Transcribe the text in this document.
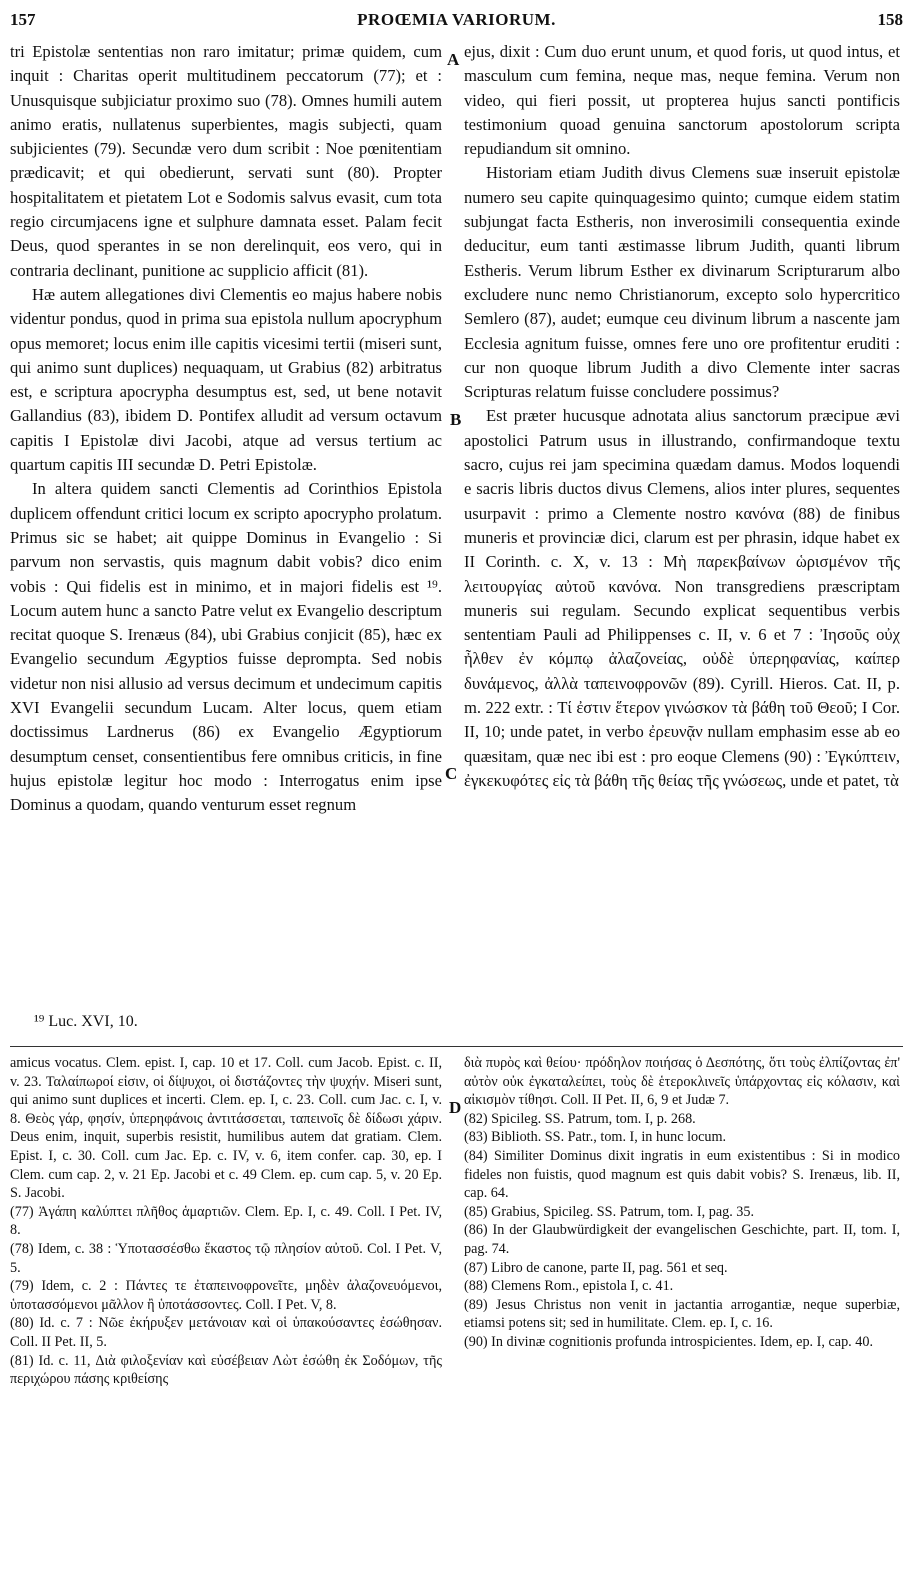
157	PROŒMIA VARIORUM.	158

tri Epistolæ sententias non raro imitatur; primæ quidem, cum inquit : Charitas operit multitudinem peccatorum (77); et : Unusquisque subjiciatur proximo suo (78). Omnes humili autem animo eratis, nullatenus superbientes, magis subjecti, quam subjicientes (79). Secundæ vero dum scribit : Noe pœnitentiam prædicavit; et qui obedierunt, servati sunt (80). Propter hospitalitatem et pietatem Lot e Sodomis salvus evasit, cum tota regio circumjacens igne et sulphure damnata esset. Palam fecit Deus, quod sperantes in se non derelinquit, eos vero, qui in contraria declinant, punitione ac supplicio afficit (81).

Hæ autem allegationes divi Clementis eo majus habere nobis videntur pondus, quod in prima sua epistola nullum apocryphum opus memoret; locus enim ille capitis vicesimi tertii (miseri sunt, qui animo sunt duplices) nequaquam, ut Grabius (82) arbitratus est, e scriptura apocrypha desumptus est, sed, ut bene notavit Gallandius (83), ibidem D. Pontifex alludit ad versum octavum capitis I Epistolæ divi Jacobi, atque ad versus tertium ac quartum capitis III secundæ D. Petri Epistolæ.

In altera quidem sancti Clementis ad Corinthios Epistola duplicem offendunt critici locum ex scripto apocrypho prolatum. Primus sic se habet; ait quippe Dominus in Evangelio : Si parvum non servastis, quis magnum dabit vobis? dico enim vobis : Qui fidelis est in minimo, et in majori fidelis est ¹⁹. Locum autem hunc a sancto Patre velut ex Evangelio descriptum recitat quoque S. Irenæus (84), ubi Grabius conjicit (85), hæc ex Evangelio secundum Ægyptios fuisse deprompta. Sed nobis videtur non nisi allusio ad versus decimum et undecimum capitis XVI Evangelii secundum Lucam. Alter locus, quem etiam doctissimus Lardnerus (86) ex Evangelio Ægyptiorum desumptum censet, consentientibus fere omnibus criticis, in fine hujus epistolæ legitur hoc modo : Interrogatus enim ipse Dominus a quodam, quando venturum esset regnum

A
B
C
D

ejus, dixit : Cum duo erunt unum, et quod foris, ut quod intus, et masculum cum femina, neque mas, neque femina. Verum non video, qui fieri possit, ut propterea hujus sancti pontificis testimonium quoad genuina sanctorum apostolorum scripta repudiandum sit omnino.

Historiam etiam Judith divus Clemens suæ inseruit epistolæ numero seu capite quinquagesimo quinto; cumque eidem statim subjungat facta Estheris, non inverosimili consequentia exinde deducitur, eum tanti æstimasse librum Judith, quanti librum Estheris. Verum librum Esther ex divinarum Scripturarum albo excludere nunc nemo Christianorum, excepto solo hypercritico Semlero (87), audet; eumque ceu divinum librum a nascente jam Ecclesia agnitum fuisse, omnes fere uno ore profitentur eruditi : cur non quoque librum Judith a divo Clemente inter sacras Scripturas relatum fuisse concludere possimus?

Est præter hucusque adnotata alius sanctorum præcipue ævi apostolici Patrum usus in illustrando, confirmandoque textu sacro, cujus rei jam specimina quædam damus. Modos loquendi e sacris libris ductos divus Clemens, alios inter plures, sequentes usurpavit : primo a Clemente nostro κανόνα (88) de finibus muneris et provinciæ dici, clarum est per phrasin, idque habet ex II Corinth. c. X, v. 13 : Μὴ παρεκβαίνων ὡρισμένον τῆς λειτουργίας αὐτοῦ κανόνα. Non transgrediens præscriptam muneris sui regulam. Secundo explicat sequentibus verbis sententiam Pauli ad Philippenses c. II, v. 6 et 7 : Ἰησοῦς οὐχ ἦλθεν ἐν κόμπῳ ἀλαζονείας, οὐδὲ ὑπερηφανίας, καίπερ δυνάμενος, ἀλλὰ ταπεινοφρονῶν (89). Cyrill. Hieros. Cat. II, p. m. 222 extr. : Τί ἐστιν ἕτερον γινώσκον τὰ βάθη τοῦ Θεοῦ; I Cor. II, 10; unde patet, in verbo ἐρευνᾷν nullam emphasim esse ab eo quæsitam, quæ nec ibi est : pro eoque Clemens (90) : Ἐγκύπτειν, ἐγκεκυφότες εἰς τὰ βάθη τῆς θείας τῆς γνώσεως, unde et patet, τὰ

¹⁹ Luc. XVI, 10.

amicus vocatus. Clem. epist. I, cap. 10 et 17. Coll. cum Jacob. Epist. c. II, v. 23. Ταλαίπωροί εἰσιν, οἱ δίψυχοι, οἱ διστάζοντες τὴν ψυχήν. Miseri sunt, qui animo sunt duplices et incerti. Clem. ep. I, c. 23. Coll. cum Jac. c. I, v. 8. Θεὸς γάρ, φησίν, ὑπερηφάνοις ἀντιτάσσεται, ταπεινοῖς δὲ δίδωσι χάριν. Deus enim, inquit, superbis resistit, humilibus autem dat gratiam. Clem. Epist. I, c. 30. Coll. cum Jac. Ep. c. IV, v. 6, item confer. cap. 30, ep. I Clem. cum cap. 2, v. 21 Ep. Jacobi et c. 49 Clem. ep. cum cap. 5, v. 20 Ep. S. Jacobi.

(77) Ἀγάπη καλύπτει πλῆθος ἁμαρτιῶν. Clem. Ep. I, c. 49. Coll. I Pet. IV, 8.

(78) Idem, c. 38 : Ὑποτασσέσθω ἕκαστος τῷ πλησίον αὐτοῦ. Col. I Pet. V, 5.

(79) Idem, c. 2 : Πάντες τε ἐταπεινοφρονεῖτε, μηδὲν ἀλαζονευόμενοι, ὑποτασσόμενοι μᾶλλον ἢ ὑποτάσσοντες. Coll. I Pet. V, 8.

(80) Id. c. 7 : Νῶε ἐκήρυξεν μετάνοιαν καὶ οἱ ὑπακούσαντες ἐσώθησαν. Coll. II Pet. II, 5.

(81) Id. c. 11, Διὰ φιλοξενίαν καὶ εὐσέβειαν Λὼτ ἐσώθη ἐκ Σοδόμων, τῆς περιχώρου πάσης κριθείσης

διὰ πυρὸς καὶ θείου· πρόδηλον ποιήσας ὁ Δεσπότης, ὅτι τοὺς ἐλπίζοντας ἐπ' αὐτὸν οὐκ ἐγκαταλείπει, τοὺς δὲ ἑτεροκλινεῖς ὑπάρχοντας εἰς κόλασιν, καὶ αἰκισμὸν τίθησι. Coll. II Pet. II, 6, 9 et Judæ 7.

(82) Spicileg. SS. Patrum, tom. I, p. 268.

(83) Biblioth. SS. Patr., tom. I, in hunc locum.

(84) Similiter Dominus dixit ingratis in eum existentibus : Si in modico fideles non fuistis, quod magnum est quis dabit vobis? S. Irenæus, lib. II, cap. 64.

(85) Grabius, Spicileg. SS. Patrum, tom. I, pag. 35.

(86) In der Glaubwürdigkeit der evangelischen Geschichte, part. II, tom. I, pag. 74.

(87) Libro de canone, parte II, pag. 561 et seq.

(88) Clemens Rom., epistola I, c. 41.

(89) Jesus Christus non venit in jactantia arrogantiæ, neque superbiæ, etiamsi potens sit; sed in humilitate. Clem. ep. I, c. 16.

(90) In divinæ cognitionis profunda introspicientes. Idem, ep. I, cap. 40.
